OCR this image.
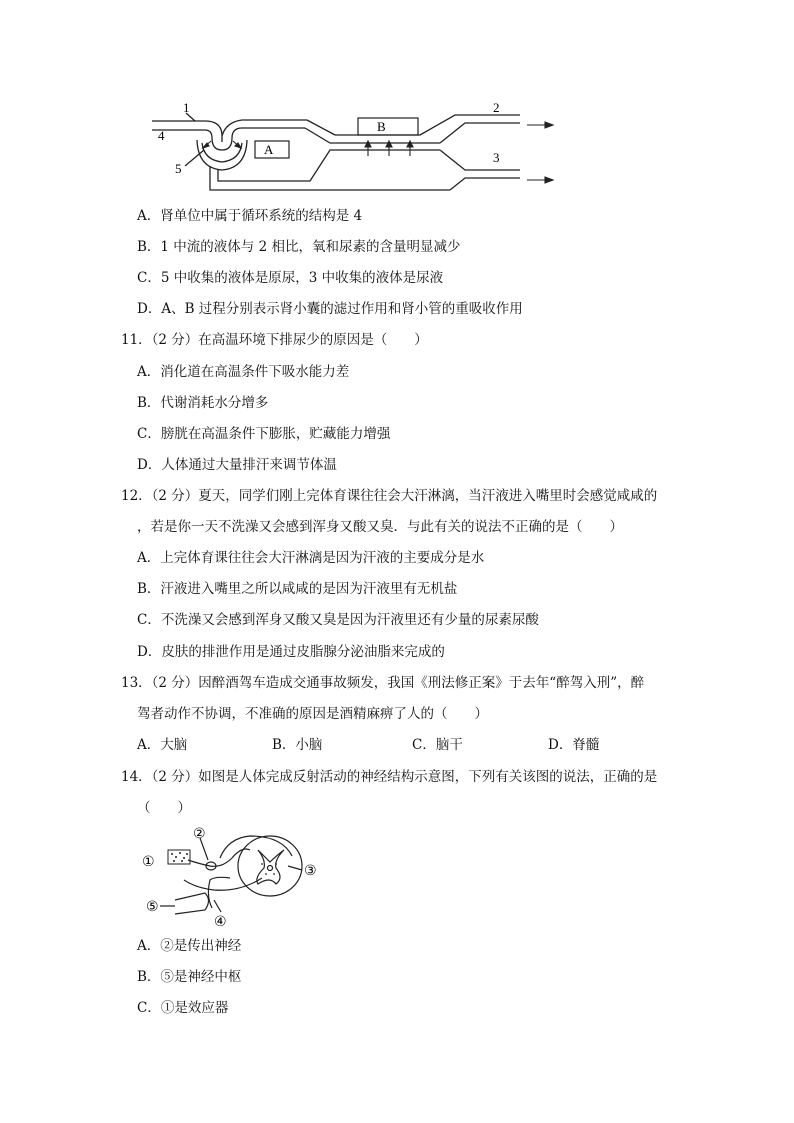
1	2
3
4
5
A
B
A．肾单位中属于循环系统的结构是 4
B．1 中流的液体与 2 相比，氧和尿素的含量明显减少
C．5 中收集的液体是原尿，3 中收集的液体是尿液
D．A、B 过程分别表示肾小囊的滤过作用和肾小管的重吸收作用
11．（2 分）在高温环境下排尿少的原因是（　　）
A．消化道在高温条件下吸水能力差
B．代谢消耗水分增多
C．膀胱在高温条件下膨胀，贮藏能力增强
D．人体通过大量排汗来调节体温
12．（2 分）夏天，同学们刚上完体育课往往会大汗淋漓，当汗液进入嘴里时会感觉咸咸的
，若是你一天不洗澡又会感到浑身又酸又臭．与此有关的说法不正确的是（　　）
A．上完体育课往往会大汗淋漓是因为汗液的主要成分是水
B．汗液进入嘴里之所以咸咸的是因为汗液里有无机盐
C．不洗澡又会感到浑身又酸又臭是因为汗液里还有少量的尿素尿酸
D．皮肤的排泄作用是通过皮脂腺分泌油脂来完成的
13．（2 分）因醉酒驾车造成交通事故频发，我国《刑法修正案》于去年“醉驾入刑”，醉
驾者动作不协调，不准确的原因是酒精麻痹了人的（　　）
A．大脑	B．小脑	C．脑干	D．脊髓
14．（2 分）如图是人体完成反射活动的神经结构示意图，下列有关该图的说法，正确的是
（　　）
①
②
③
④
⑤
A．②是传出神经
B．⑤是神经中枢
C．①是效应器
